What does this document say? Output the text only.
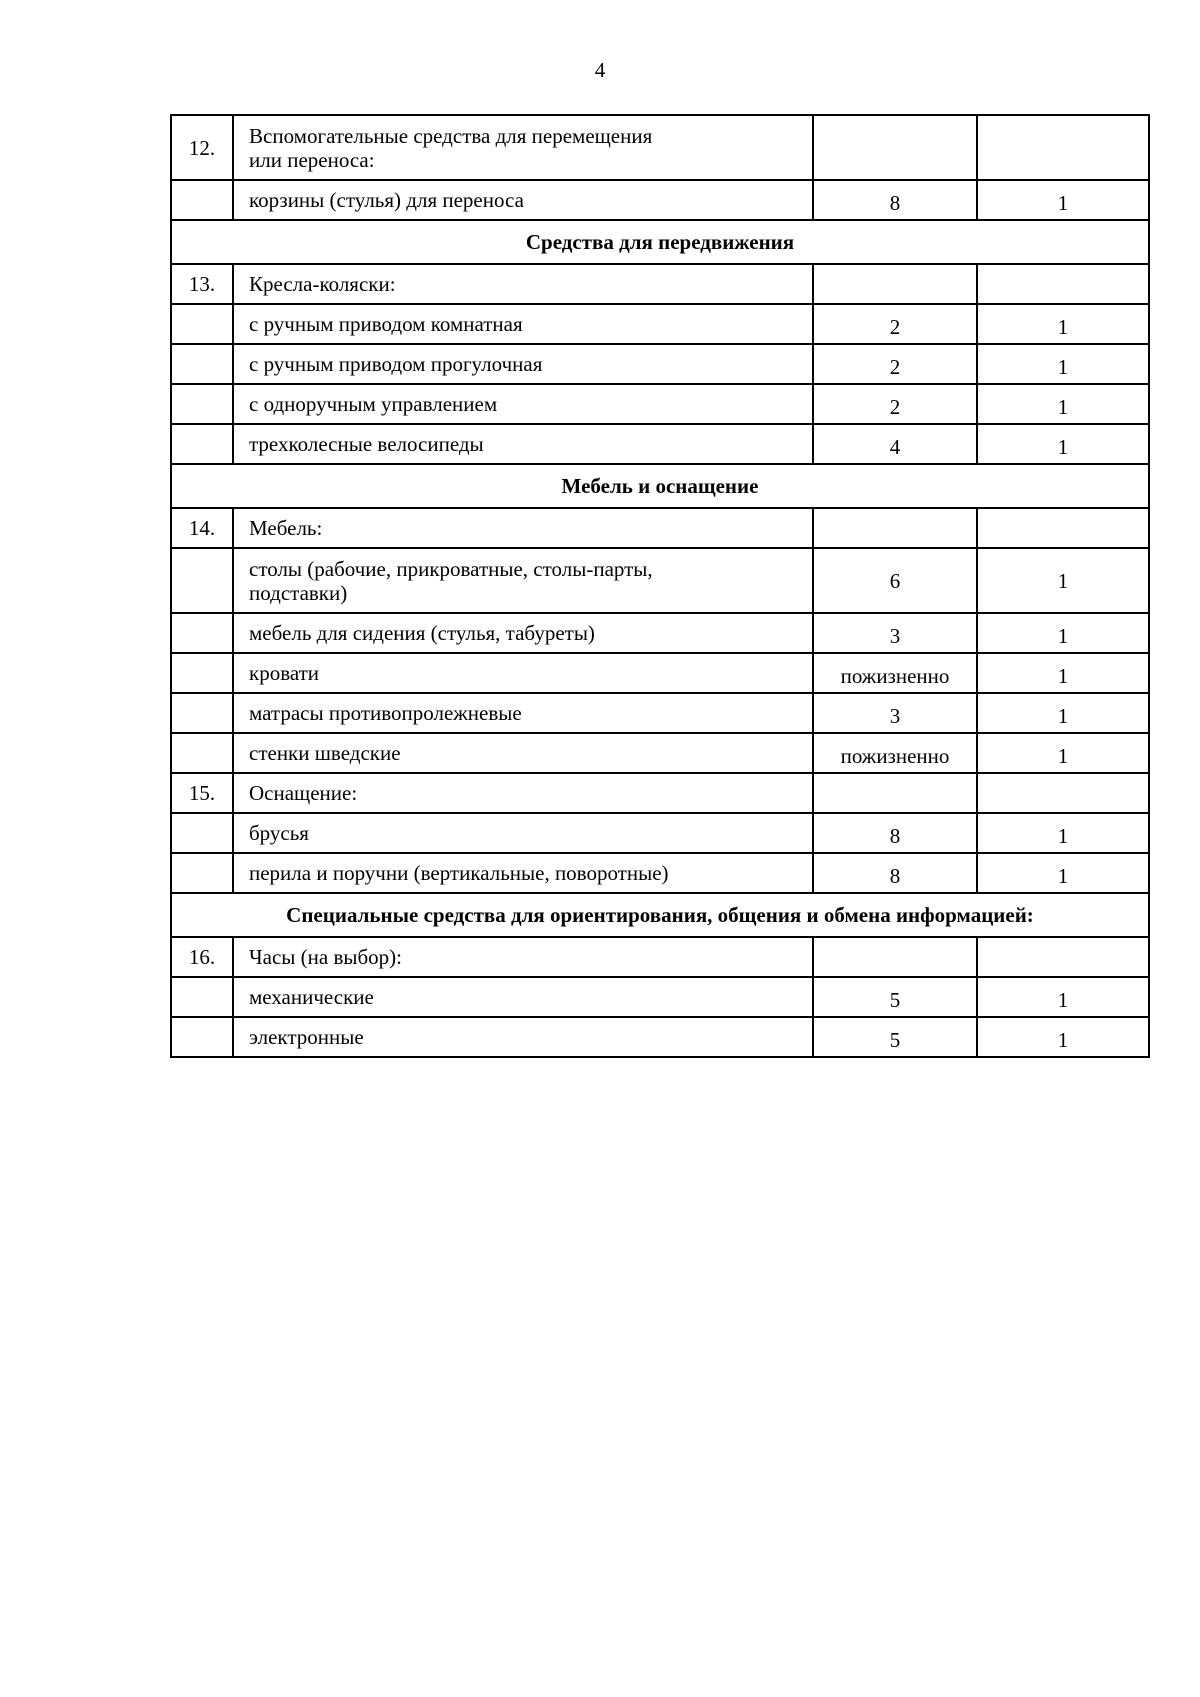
4
12.	Вспомогательные средства для перемещения
или переноса:		
	корзины (стулья) для переноса	8	1
Средства для передвижения			
13.	Кресла-коляски:		
	с ручным приводом комнатная	2	1
	с ручным приводом прогулочная	2	1
	с одноручным управлением	2	1
	трехколесные велосипеды	4	1
Мебель и оснащение			
14.	Мебель:		
	столы (рабочие, прикроватные, столы-парты,
подставки)	6	1
	мебель для сидения (стулья, табуреты)	3	1
	кровати	пожизненно	1
	матрасы противопролежневые	3	1
	стенки шведские	пожизненно	1
15.	Оснащение:		
	брусья	8	1
	перила и поручни (вертикальные, поворотные)	8	1
Специальные средства для ориентирования, общения и обмена информацией:			
16.	Часы (на выбор):		
	механические	5	1
	электронные	5	1
